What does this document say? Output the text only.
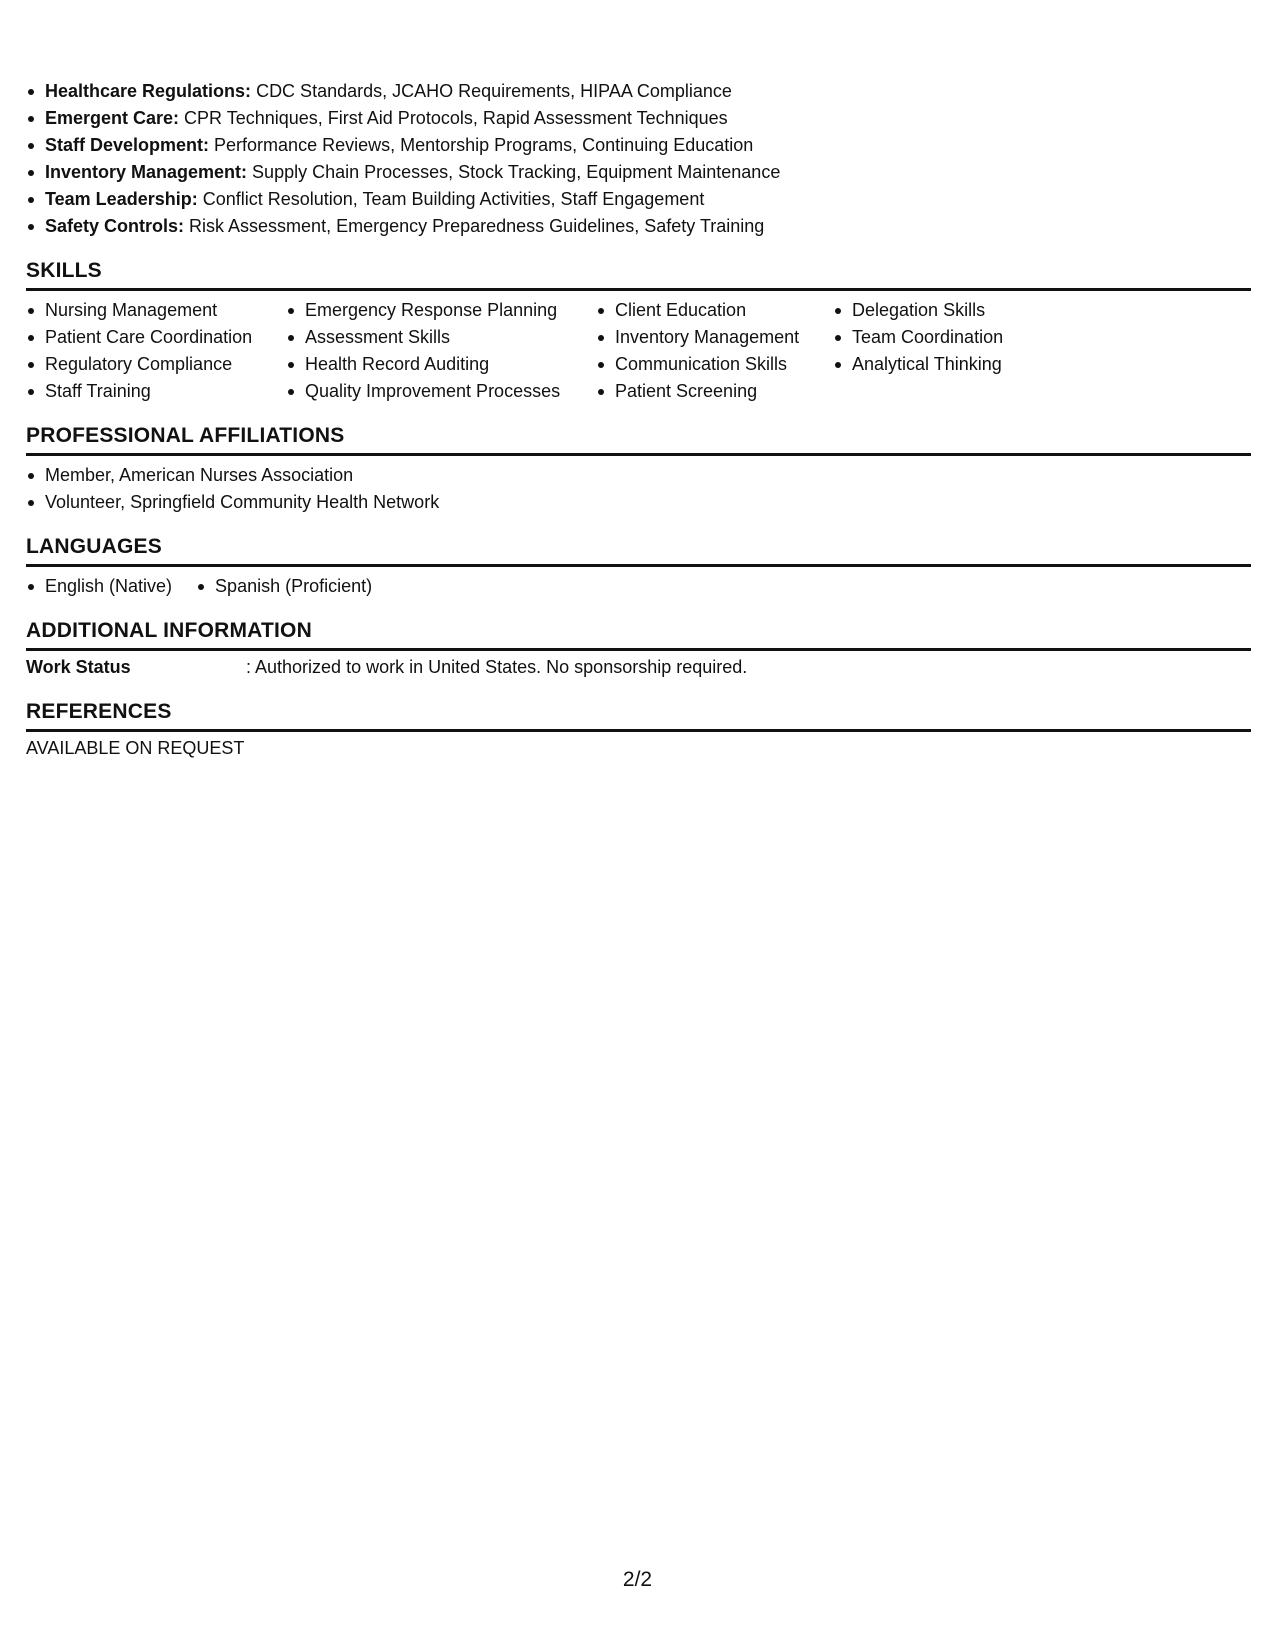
Healthcare Regulations: CDC Standards, JCAHO Requirements, HIPAA Compliance
Emergent Care: CPR Techniques, First Aid Protocols, Rapid Assessment Techniques
Staff Development: Performance Reviews, Mentorship Programs, Continuing Education
Inventory Management: Supply Chain Processes, Stock Tracking, Equipment Maintenance
Team Leadership: Conflict Resolution, Team Building Activities, Staff Engagement
Safety Controls: Risk Assessment, Emergency Preparedness Guidelines, Safety Training
SKILLS
Nursing Management
Patient Care Coordination
Regulatory Compliance
Staff Training
Emergency Response Planning
Assessment Skills
Health Record Auditing
Quality Improvement Processes
Client Education
Inventory Management
Communication Skills
Patient Screening
Delegation Skills
Team Coordination
Analytical Thinking
PROFESSIONAL AFFILIATIONS
Member, American Nurses Association
Volunteer, Springfield Community Health Network
LANGUAGES
English (Native)	Spanish (Proficient)
ADDITIONAL INFORMATION
Work Status	: Authorized to work in United States. No sponsorship required.
REFERENCES
AVAILABLE ON REQUEST
2/2
